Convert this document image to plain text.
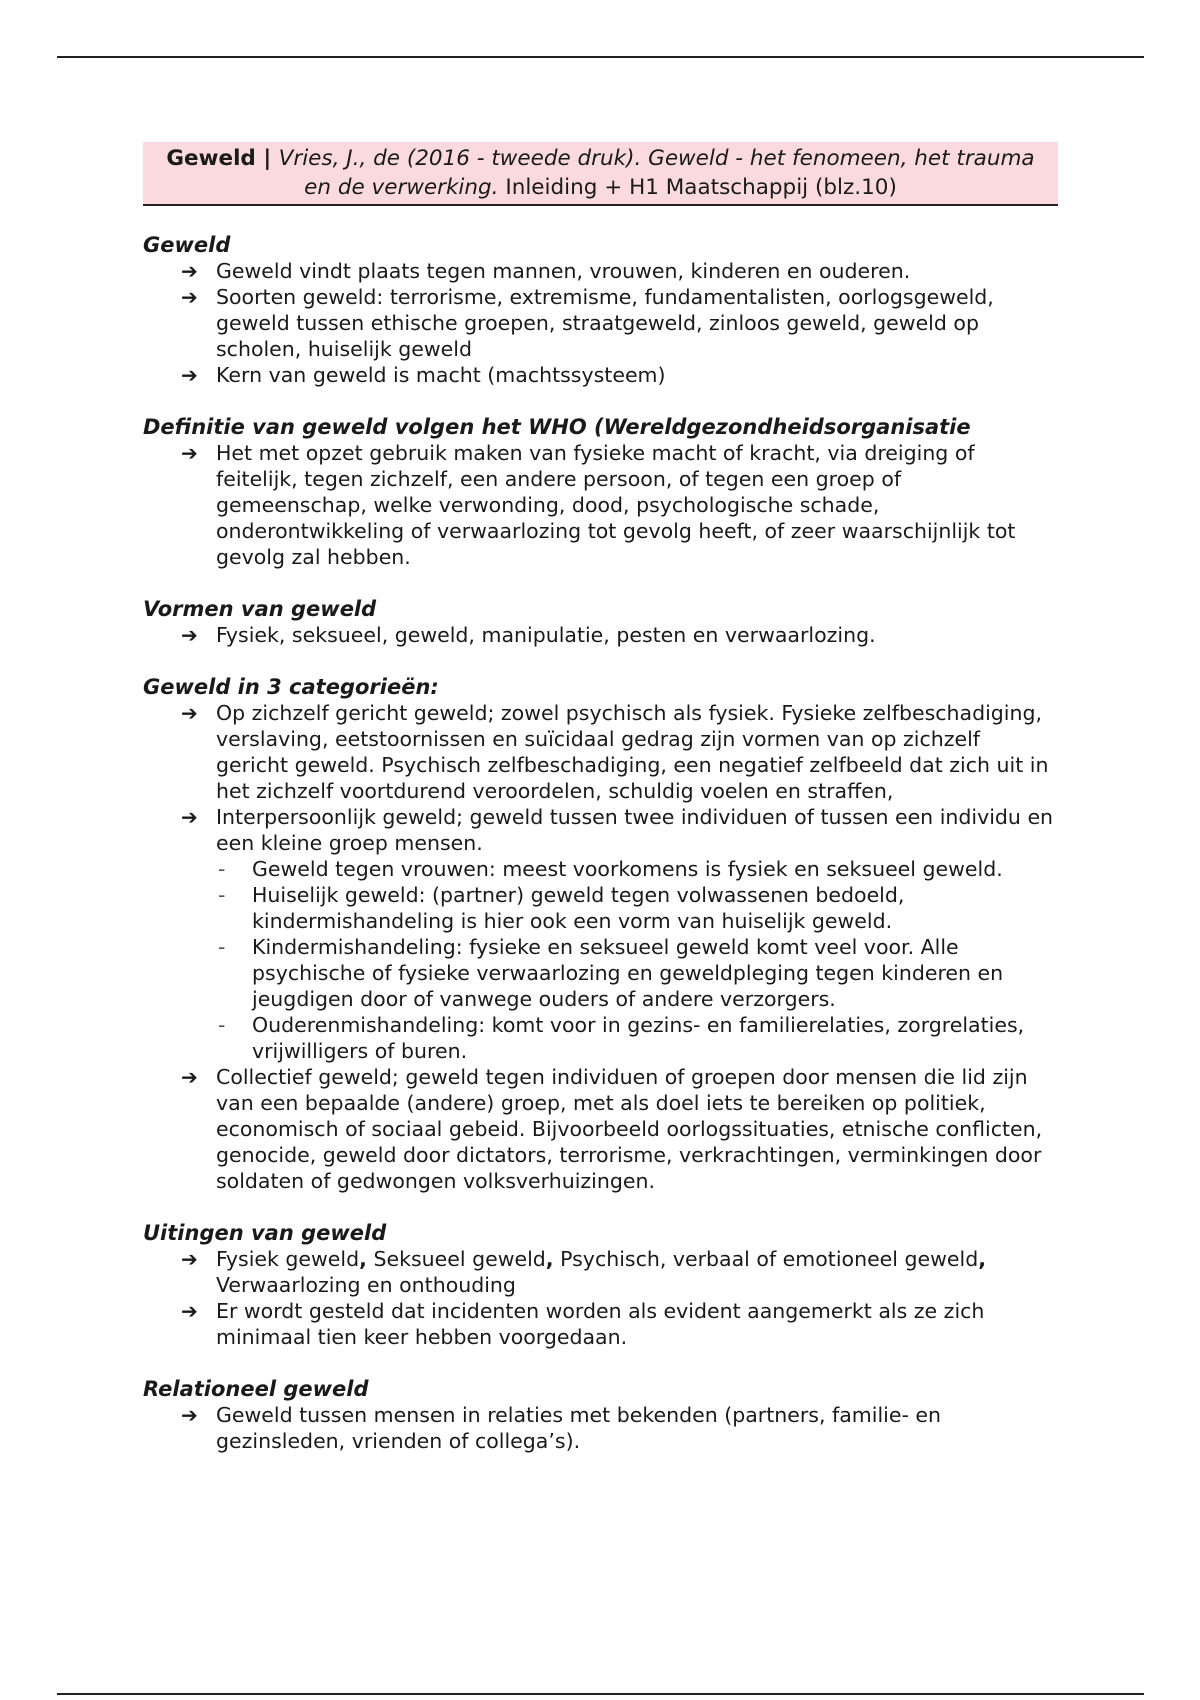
Geweld | Vries, J., de (2016 - tweede druk). Geweld - het fenomeen, het trauma en de verwerking. Inleiding + H1 Maatschappij (blz.10)
Geweld
➔ Geweld vindt plaats tegen mannen, vrouwen, kinderen en ouderen.
➔ Soorten geweld: terrorisme, extremisme, fundamentalisten, oorlogsgeweld, geweld tussen ethische groepen, straatgeweld, zinloos geweld, geweld op scholen, huiselijk geweld
➔ Kern van geweld is macht (machtssysteem)
Definitie van geweld volgen het WHO (Wereldgezondheidsorganisatie
➔ Het met opzet gebruik maken van fysieke macht of kracht, via dreiging of feitelijk, tegen zichzelf, een andere persoon, of tegen een groep of gemeenschap, welke verwonding, dood, psychologische schade, onderontwikkeling of verwaarlozing tot gevolg heeft, of zeer waarschijnlijk tot gevolg zal hebben.
Vormen van geweld
➔ Fysiek, seksueel, geweld, manipulatie, pesten en verwaarlozing.
Geweld in 3 categorieën:
➔ Op zichzelf gericht geweld; zowel psychisch als fysiek. Fysieke zelfbeschadiging, verslaving, eetstoornissen en suïcidaal gedrag zijn vormen van op zichzelf gericht geweld. Psychisch zelfbeschadiging, een negatief zelfbeeld dat zich uit in het zichzelf voortdurend veroordelen, schuldig voelen en straffen,
➔ Interpersoonlijk geweld; geweld tussen twee individuen of tussen een individu en een kleine groep mensen.
- Geweld tegen vrouwen: meest voorkomens is fysiek en seksueel geweld.
- Huiselijk geweld: (partner) geweld tegen volwassenen bedoeld, kindermishandeling is hier ook een vorm van huiselijk geweld.
- Kindermishandeling: fysieke en seksueel geweld komt veel voor. Alle psychische of fysieke verwaarlozing en geweldpleging tegen kinderen en jeugdigen door of vanwege ouders of andere verzorgers.
- Ouderenmishandeling: komt voor in gezins- en familierelaties, zorgrelaties, vrijwilligers of buren.
➔ Collectief geweld; geweld tegen individuen of groepen door mensen die lid zijn van een bepaalde (andere) groep, met als doel iets te bereiken op politiek, economisch of sociaal gebeid. Bijvoorbeeld oorlogssituaties, etnische conflicten, genocide, geweld door dictators, terrorisme, verkrachtingen, verminkingen door soldaten of gedwongen volksverhuizingen.
Uitingen van geweld
➔ Fysiek geweld, Seksueel geweld, Psychisch, verbaal of emotioneel geweld, Verwaarlozing en onthouding
➔ Er wordt gesteld dat incidenten worden als evident aangemerkt als ze zich minimaal tien keer hebben voorgedaan.
Relationeel geweld
➔ Geweld tussen mensen in relaties met bekenden (partners, familie- en gezinsleden, vrienden of collega’s).
